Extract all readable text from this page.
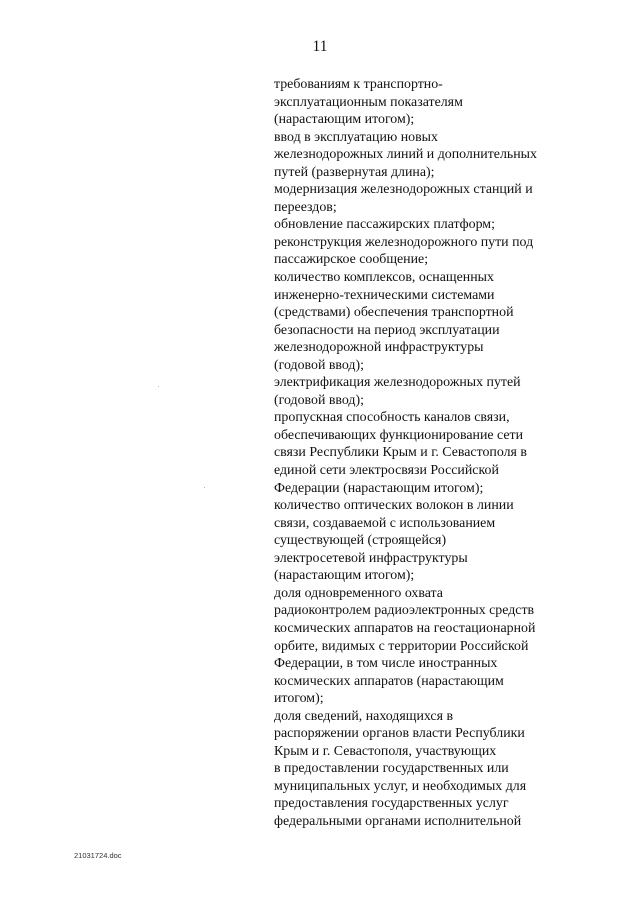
11
требованиям к транспортно-
эксплуатационным показателям
(нарастающим итогом);
ввод в эксплуатацию новых
железнодорожных линий и дополнительных
путей (развернутая длина);
модернизация железнодорожных станций и
переездов;
обновление пассажирских платформ;
реконструкция железнодорожного пути под
пассажирское сообщение;
количество комплексов, оснащенных
инженерно-техническими системами
(средствами) обеспечения транспортной
безопасности на период эксплуатации
железнодорожной инфраструктуры
(годовой ввод);
электрификация железнодорожных путей
(годовой ввод);
пропускная способность каналов связи,
обеспечивающих функционирование сети
связи Республики Крым и г. Севастополя в
единой сети электросвязи Российской
Федерации (нарастающим итогом);
количество оптических волокон в линии
связи, создаваемой с использованием
существующей (строящейся)
электросетевой инфраструктуры
(нарастающим итогом);
доля одновременного охвата
радиоконтролем радиоэлектронных средств
космических аппаратов на геостационарной
орбите, видимых с территории Российской
Федерации, в том числе иностранных
космических аппаратов (нарастающим
итогом);
доля сведений, находящихся в
распоряжении органов власти Республики
Крым и г. Севастополя, участвующих
в предоставлении государственных или
муниципальных услуг, и необходимых для
предоставления государственных услуг
федеральными органами исполнительной
21031724.doc
